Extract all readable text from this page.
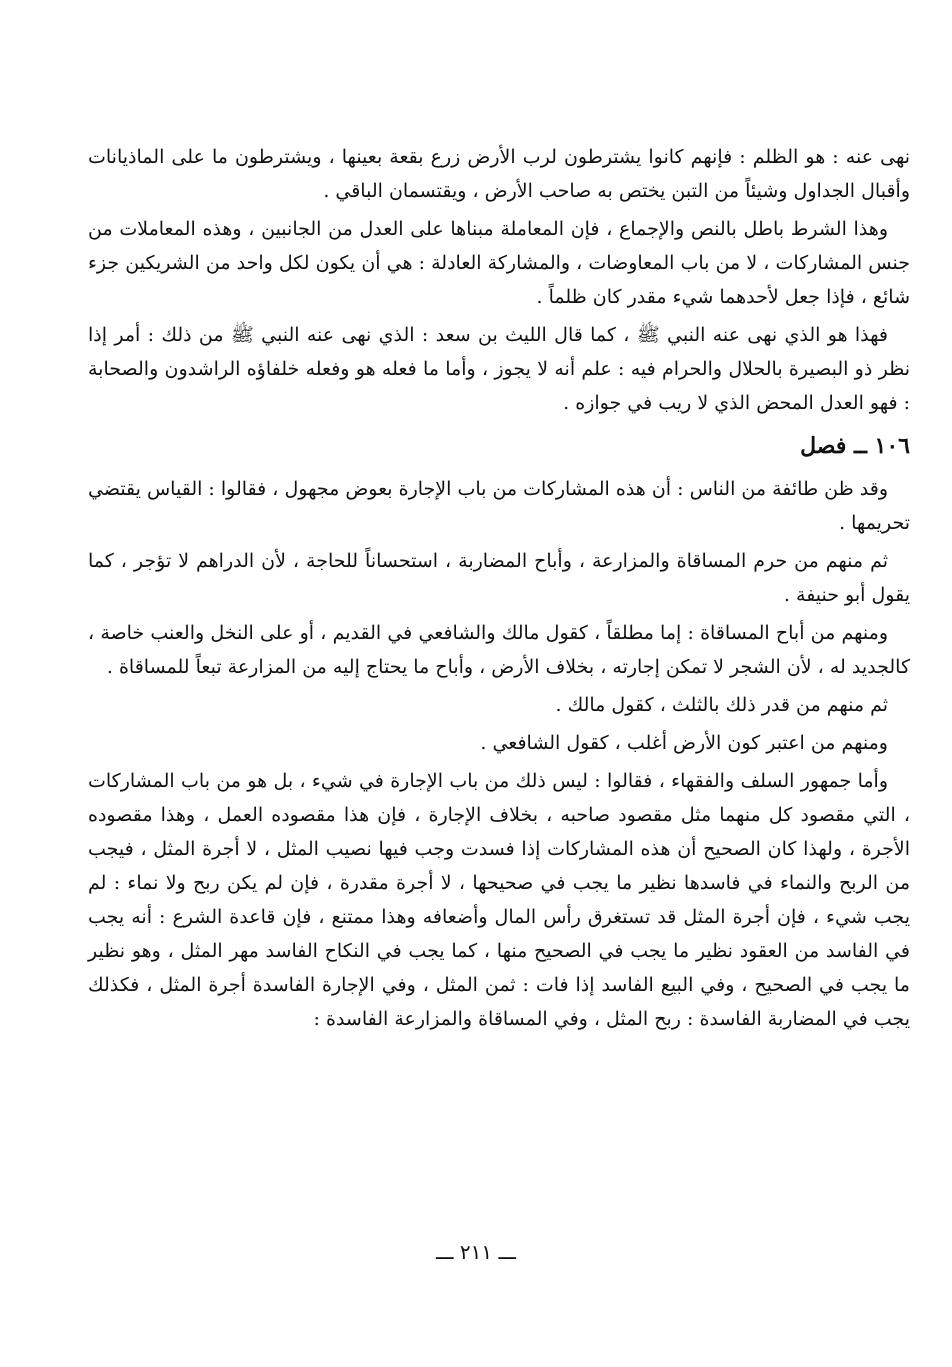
نهى عنه : هو الظلم : فإنهم كانوا يشترطون لرب الأرض زرع بقعة بعينها ، ويشترطون ما على الماذيانات وأقبال الجداول وشيئاً من التبن يختص به صاحب الأرض ، ويقتسمان الباقي .

وهذا الشرط باطل بالنص والإجماع ، فإن المعاملة مبناها على العدل من الجانبين ، وهذه المعاملات من جنس المشاركات ، لا من باب المعاوضات ، والمشاركة العادلة : هي أن يكون لكل واحد من الشريكين جزء شائع ، فإذا جعل لأحدهما شيء مقدر كان ظلماً .

فهذا هو الذي نهى عنه النبي ﷺ ، كما قال الليث بن سعد : الذي نهى عنه النبي ﷺ من ذلك : أمر إذا نظر ذو البصيرة بالحلال والحرام فيه : علم أنه لا يجوز ، وأما ما فعله هو وفعله خلفاؤه الراشدون والصحابة : فهو العدل المحض الذي لا ريب في جوازه .

١٠٦ ــ فصل

وقد ظن طائفة من الناس : أن هذه المشاركات من باب الإجارة بعوض مجهول ، فقالوا : القياس يقتضي تحريمها .

ثم منهم من حرم المساقاة والمزارعة ، وأباح المضاربة ، استحساناً للحاجة ، لأن الدراهم لا تؤجر ، كما يقول أبو حنيفة .

ومنهم من أباح المساقاة : إما مطلقاً ، كقول مالك والشافعي في القديم ، أو على النخل والعنب خاصة ، كالجديد له ، لأن الشجر لا تمكن إجارته ، بخلاف الأرض ، وأباح ما يحتاج إليه من المزارعة تبعاً للمساقاة .

ثم منهم من قدر ذلك بالثلث ، كقول مالك .

ومنهم من اعتبر كون الأرض أغلب ، كقول الشافعي .

وأما جمهور السلف والفقهاء ، فقالوا : ليس ذلك من باب الإجارة في شيء ، بل هو من باب المشاركات ، التي مقصود كل منهما مثل مقصود صاحبه ، بخلاف الإجارة ، فإن هذا مقصوده العمل ، وهذا مقصوده الأجرة ، ولهذا كان الصحيح أن هذه المشاركات إذا فسدت وجب فيها نصيب المثل ، لا أجرة المثل ، فيجب من الربح والنماء في فاسدها نظير ما يجب في صحيحها ، لا أجرة مقدرة ، فإن لم يكن ربح ولا نماء : لم يجب شيء ، فإن أجرة المثل قد تستغرق رأس المال وأضعافه وهذا ممتنع ، فإن قاعدة الشرع : أنه يجب في الفاسد من العقود نظير ما يجب في الصحيح منها ، كما يجب في النكاح الفاسد مهر المثل ، وهو نظير ما يجب في الصحيح ، وفي البيع الفاسد إذا فات : ثمن المثل ، وفي الإجارة الفاسدة أجرة المثل ، فكذلك يجب في المضاربة الفاسدة : ربح المثل ، وفي المساقاة والمزارعة الفاسدة :

ـــ ٢١١ ـــ
